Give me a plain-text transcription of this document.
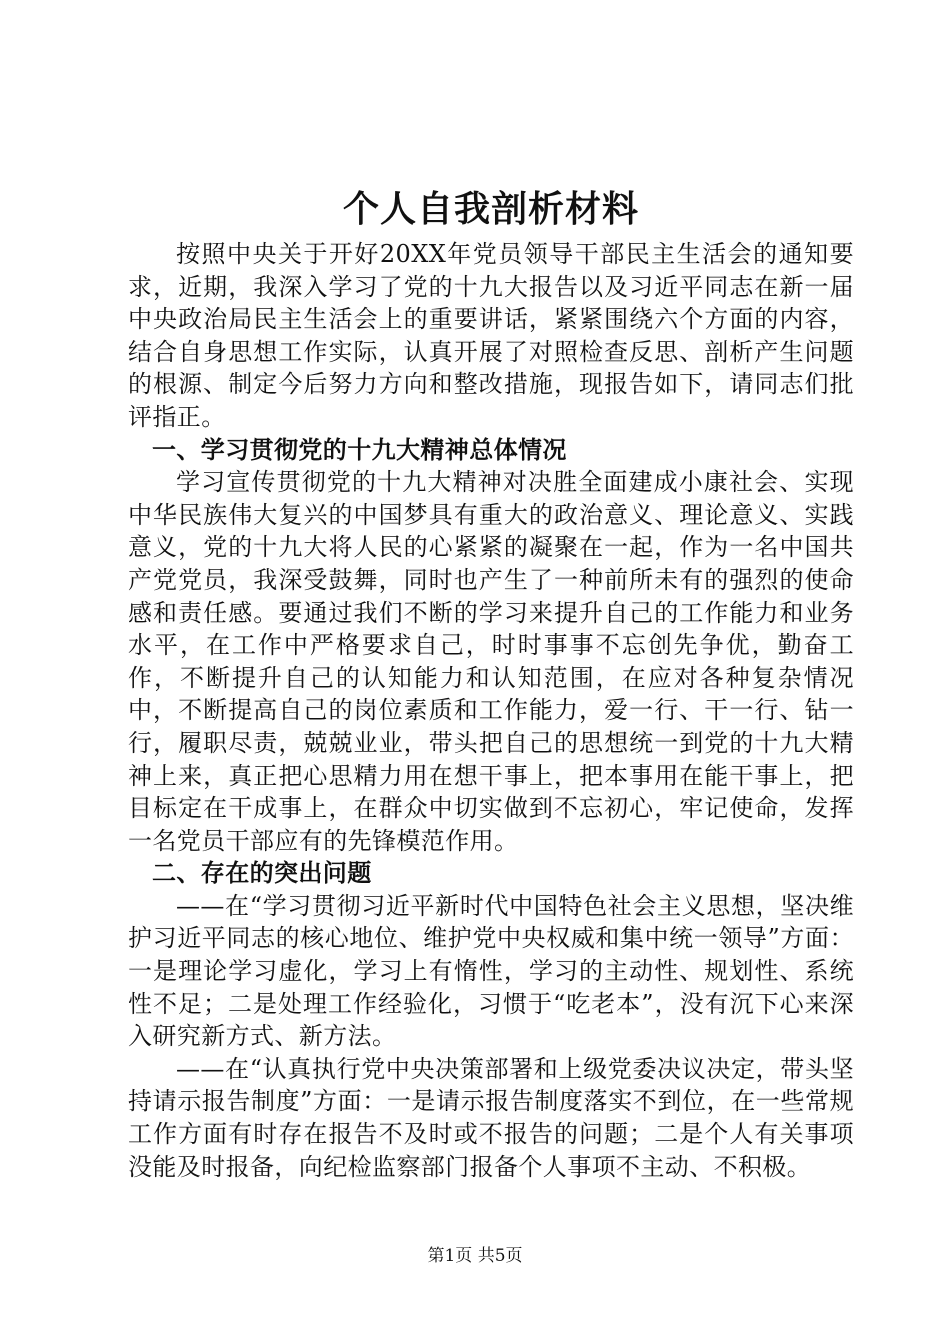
个人自我剖析材料

按照中央关于开好20XX年党员领导干部民主生活会的通知要求，近期，我深入学习了党的十九大报告以及习近平同志在新一届中央政治局民主生活会上的重要讲话，紧紧围绕六个方面的内容，结合自身思想工作实际，认真开展了对照检查反思、剖析产生问题的根源、制定今后努力方向和整改措施，现报告如下，请同志们批评指正。

一、学习贯彻党的十九大精神总体情况

学习宣传贯彻党的十九大精神对决胜全面建成小康社会、实现中华民族伟大复兴的中国梦具有重大的政治意义、理论意义、实践意义，党的十九大将人民的心紧紧的凝聚在一起，作为一名中国共产党党员，我深受鼓舞，同时也产生了一种前所未有的强烈的使命感和责任感。要通过我们不断的学习来提升自己的工作能力和业务水平，在工作中严格要求自己，时时事事不忘创先争优，勤奋工作，不断提升自己的认知能力和认知范围，在应对各种复杂情况中，不断提高自己的岗位素质和工作能力，爱一行、干一行、钻一行，履职尽责，兢兢业业，带头把自己的思想统一到党的十九大精神上来，真正把心思精力用在想干事上，把本事用在能干事上，把目标定在干成事上，在群众中切实做到不忘初心，牢记使命，发挥一名党员干部应有的先锋模范作用。

二、存在的突出问题

——在“学习贯彻习近平新时代中国特色社会主义思想，坚决维护习近平同志的核心地位、维护党中央权威和集中统一领导”方面：一是理论学习虚化，学习上有惰性，学习的主动性、规划性、系统性不足；二是处理工作经验化，习惯于“吃老本”，没有沉下心来深入研究新方式、新方法。

——在“认真执行党中央决策部署和上级党委决议决定，带头坚持请示报告制度”方面：一是请示报告制度落实不到位，在一些常规工作方面有时存在报告不及时或不报告的问题；二是个人有关事项没能及时报备，向纪检监察部门报备个人事项不主动、不积极。

第1页 共5页
